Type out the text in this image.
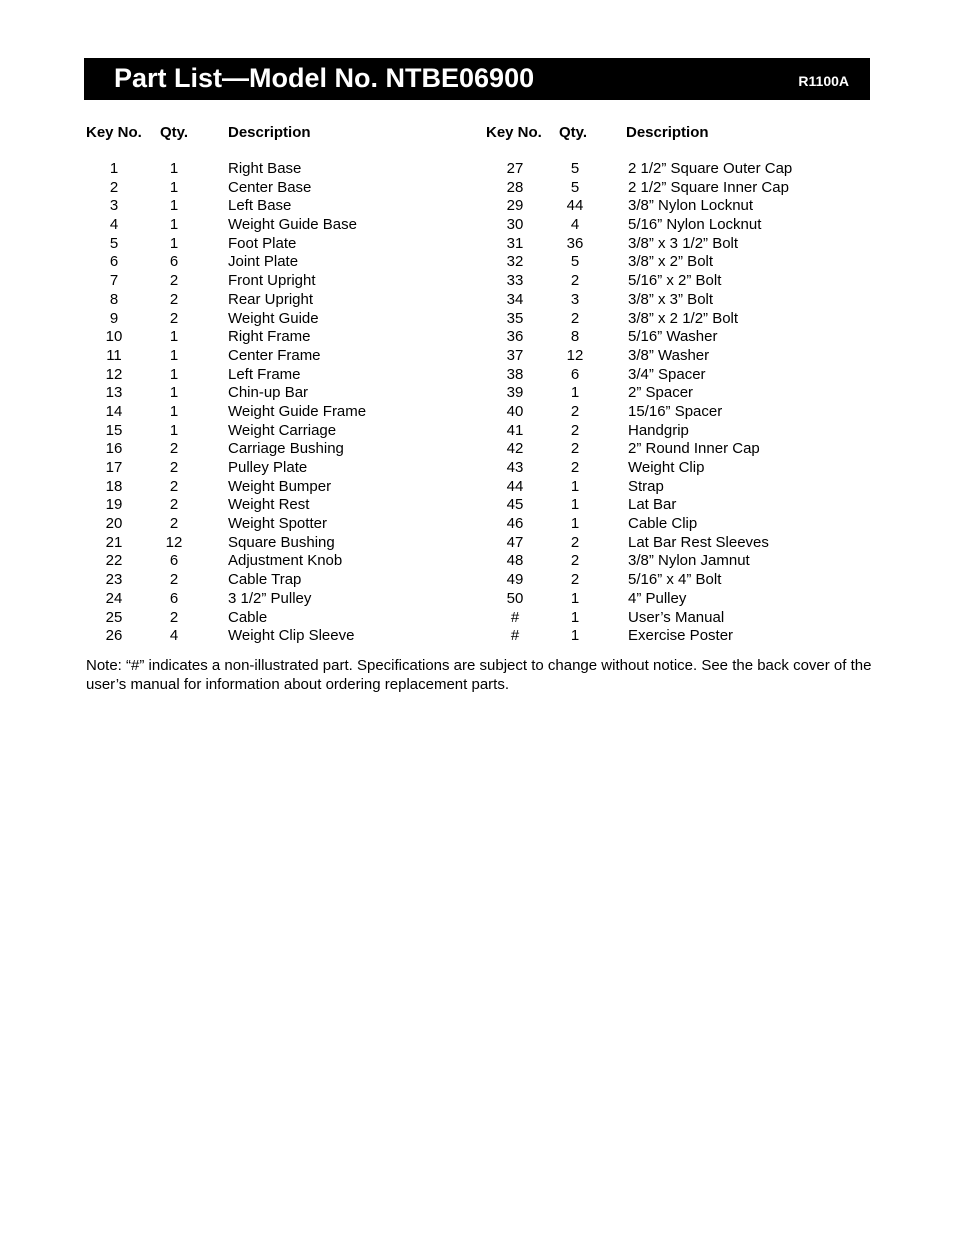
Part List—Model No. NTBE06900	R1100A
Key No. Qty.	Description
1	1	Right Base
2	1	Center Base
3	1	Left Base
4	1	Weight Guide Base
5	1	Foot Plate
6	6	Joint Plate
7	2	Front Upright
8	2	Rear Upright
9	2	Weight Guide
10	1	Right Frame
11	1	Center Frame
12	1	Left Frame
13	1	Chin-up Bar
14	1	Weight Guide Frame
15	1	Weight Carriage
16	2	Carriage Bushing
17	2	Pulley Plate
18	2	Weight Bumper
19	2	Weight Rest
20	2	Weight Spotter
21	12	Square Bushing
22	6	Adjustment Knob
23	2	Cable Trap
24	6	3 1/2” Pulley
25	2	Cable
26	4	Weight Clip Sleeve
Key No. Qty.	Description
27	5	2 1/2” Square Outer Cap
28	5	2 1/2” Square Inner Cap
29	44	3/8” Nylon Locknut
30	4	5/16” Nylon Locknut
31	36	3/8” x 3 1/2” Bolt
32	5	3/8” x 2” Bolt
33	2	5/16” x 2” Bolt
34	3	3/8” x 3” Bolt
35	2	3/8” x 2 1/2” Bolt
36	8	5/16” Washer
37	12	3/8” Washer
38	6	3/4” Spacer
39	1	2” Spacer
40	2	15/16” Spacer
41	2	Handgrip
42	2	2” Round Inner Cap
43	2	Weight Clip
44	1	Strap
45	1	Lat Bar
46	1	Cable Clip
47	2	Lat Bar Rest Sleeves
48	2	3/8” Nylon Jamnut
49	2	5/16” x 4” Bolt
50	1	4” Pulley
#	1	User’s Manual
#	1	Exercise Poster
Note: “#” indicates a non-illustrated part. Specifications are subject to change without notice. See the back cover of the user’s manual for information about ordering replacement parts.
